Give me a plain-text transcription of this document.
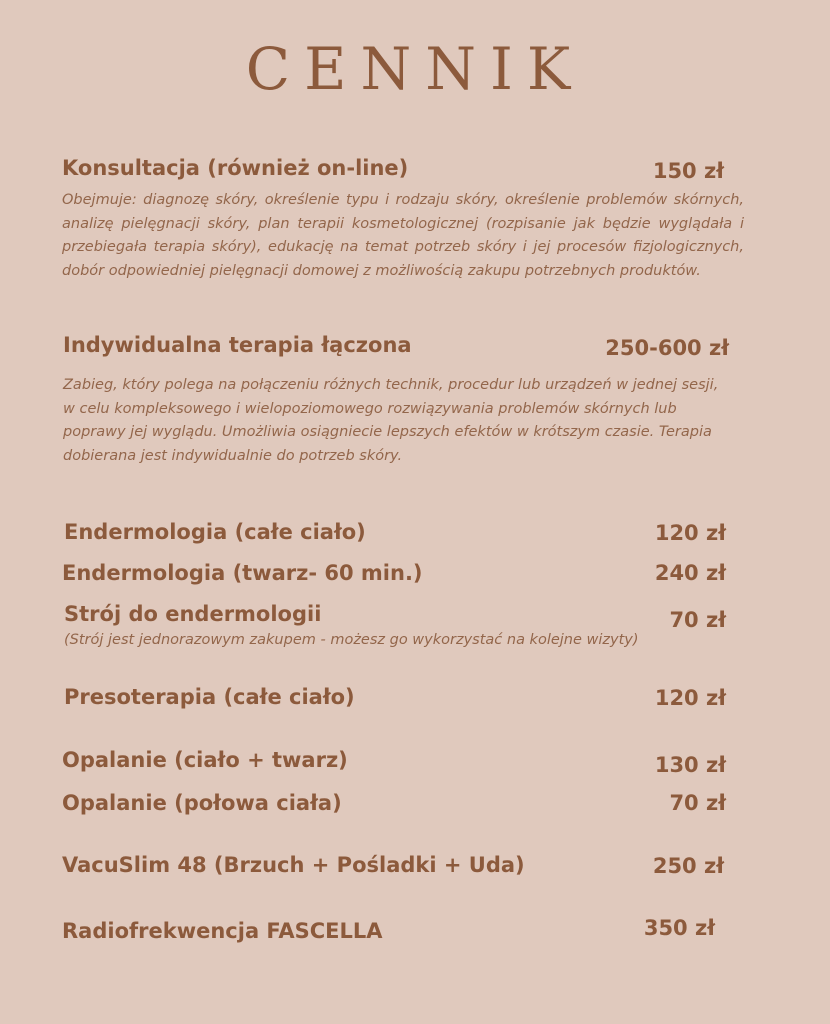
CENNIK
Konsultacja (również on-line)	150 zł
Obejmuje: diagnozę skóry, określenie typu i rodzaju skóry, określenie problemów skórnych, analizę pielęgnacji skóry, plan terapii kosmetologicznej (rozpisanie jak będzie wyglądała i przebiegała terapia skóry), edukację na temat potrzeb skóry i jej procesów fizjologicznych, dobór odpowiedniej pielęgnacji domowej z możliwością zakupu potrzebnych produktów.
Indywidualna terapia łączona	250-600 zł
Zabieg, który polega na połączeniu różnych technik, procedur lub urządzeń w jednej sesji, w celu kompleksowego i wielopoziomowego rozwiązywania problemów skórnych lub poprawy jej wyglądu. Umożliwia osiągniecie lepszych efektów w krótszym czasie. Terapia dobierana jest indywidualnie do potrzeb skóry.
Endermologia (całe ciało)	120 zł
Endermologia (twarz- 60 min.)	240 zł
Strój do endermologii	70 zł
(Strój jest jednorazowym zakupem - możesz go wykorzystać na kolejne wizyty)
Presoterapia (całe ciało)	120 zł
Opalanie (ciało + twarz)	130 zł
Opalanie (połowa ciała)	70 zł
VacuSlim 48 (Brzuch + Pośladki + Uda)	250 zł
Radiofrekwencja FASCELLA	350 zł
